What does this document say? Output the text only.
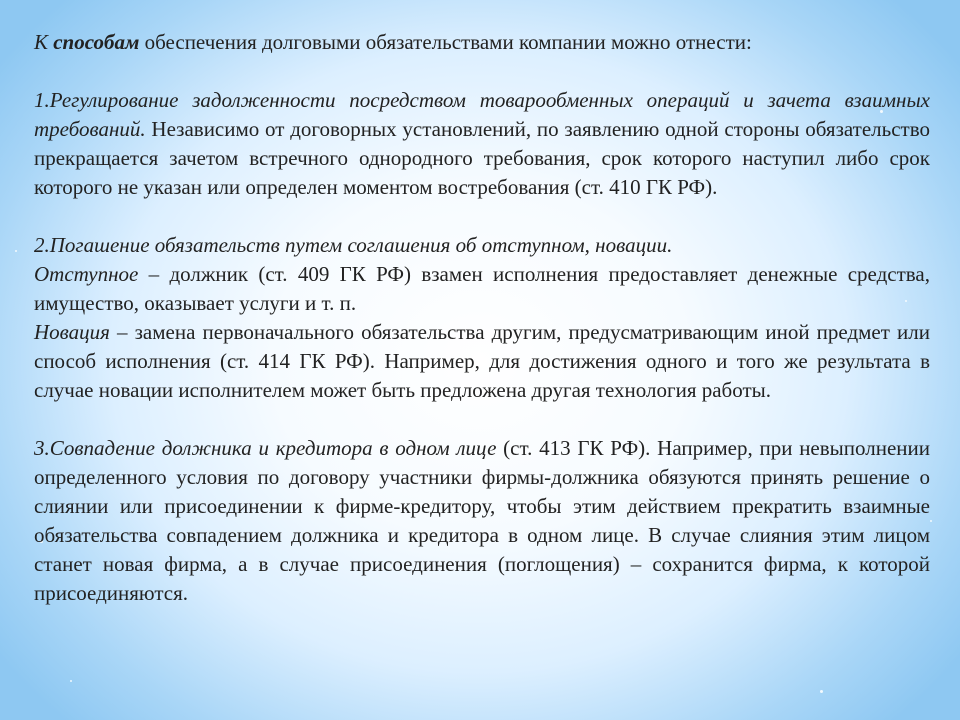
К способам обеспечения долговыми обязательствами компании можно отнести:

1.Регулирование задолженности посредством товарообменных операций и зачета взаимных требований. Независимо от договорных установлений, по заявлению одной стороны обязательство прекращается зачетом встречного однородного требования, срок которого наступил либо срок которого не указан или определен моментом востребования (ст. 410 ГК РФ).

2.Погашение обязательств путем соглашения об отступном, новации.

Отступное – должник (ст. 409 ГК РФ) взамен исполнения предоставляет денежные средства, имущество, оказывает услуги и т. п.

Новация – замена первоначального обязательства другим, предусматривающим иной предмет или способ исполнения (ст. 414 ГК РФ). Например, для достижения одного и того же результата в случае новации исполнителем может быть предложена другая технология работы.

3.Совпадение должника и кредитора в одном лице (ст. 413 ГК РФ). Например, при невыполнении определенного условия по договору участники фирмы-должника обязуются принять решение о слиянии или присоединении к фирме-кредитору, чтобы этим действием прекратить взаимные обязательства совпадением должника и кредитора в одном лице. В случае слияния этим лицом станет новая фирма, а в случае присоединения (поглощения) – сохранится фирма, к которой присоединяются.
